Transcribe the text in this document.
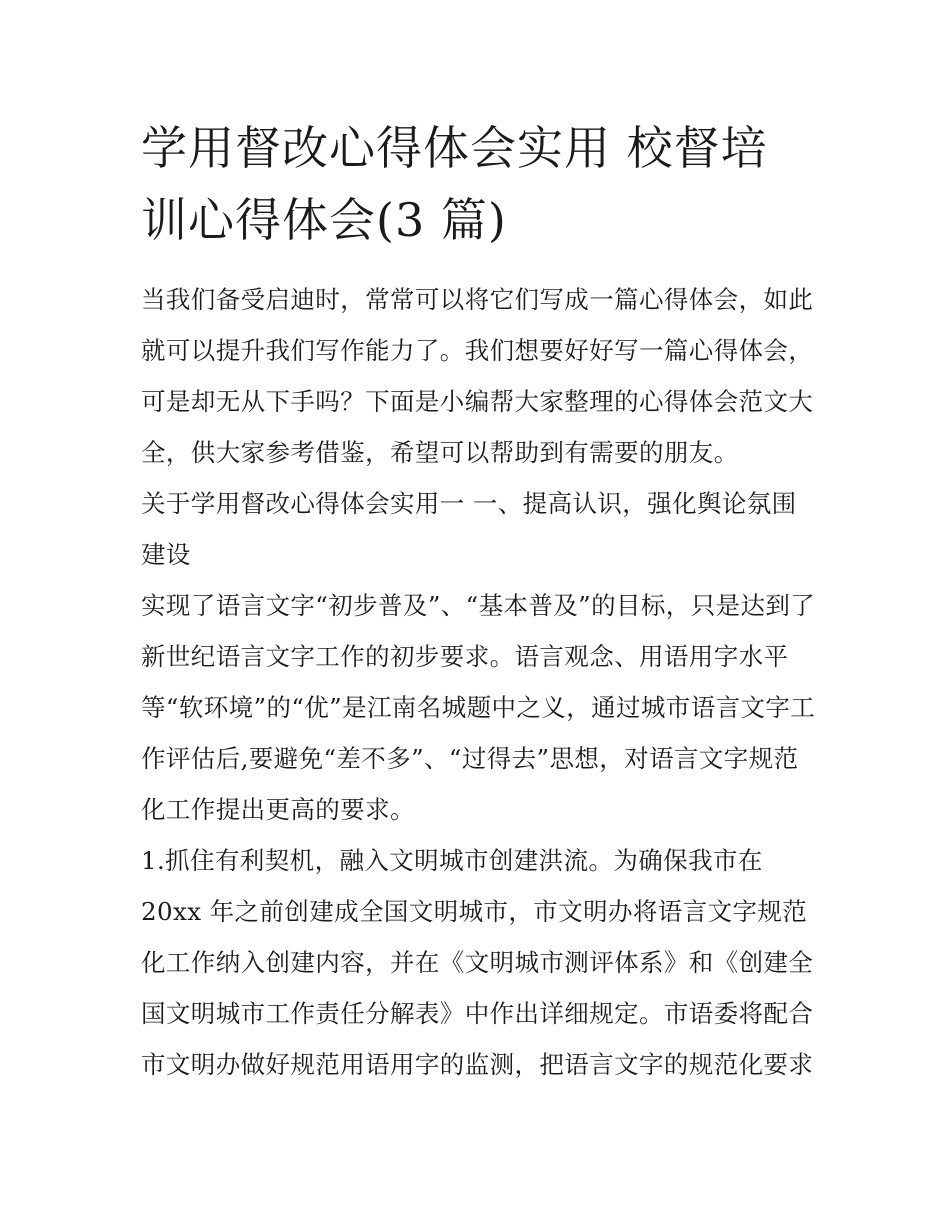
学用督改心得体会实用 校督培
训心得体会(3 篇)
当我们备受启迪时，常常可以将它们写成一篇心得体会，如此
就可以提升我们写作能力了。我们想要好好写一篇心得体会，
可是却无从下手吗？下面是小编帮大家整理的心得体会范文大
全，供大家参考借鉴，希望可以帮助到有需要的朋友。
关于学用督改心得体会实用一 一、提高认识，强化舆论氛围
建设
实现了语言文字“初步普及”、“基本普及”的目标，只是达到了
新世纪语言文字工作的初步要求。语言观念、用语用字水平
等“软环境”的“优”是江南名城题中之义，通过城市语言文字工
作评估后,要避免“差不多”、“过得去”思想，对语言文字规范
化工作提出更高的要求。
1.抓住有利契机，融入文明城市创建洪流。为确保我市在
20xx 年之前创建成全国文明城市，市文明办将语言文字规范
化工作纳入创建内容，并在《文明城市测评体系》和《创建全
国文明城市工作责任分解表》中作出详细规定。市语委将配合
市文明办做好规范用语用字的监测，把语言文字的规范化要求
